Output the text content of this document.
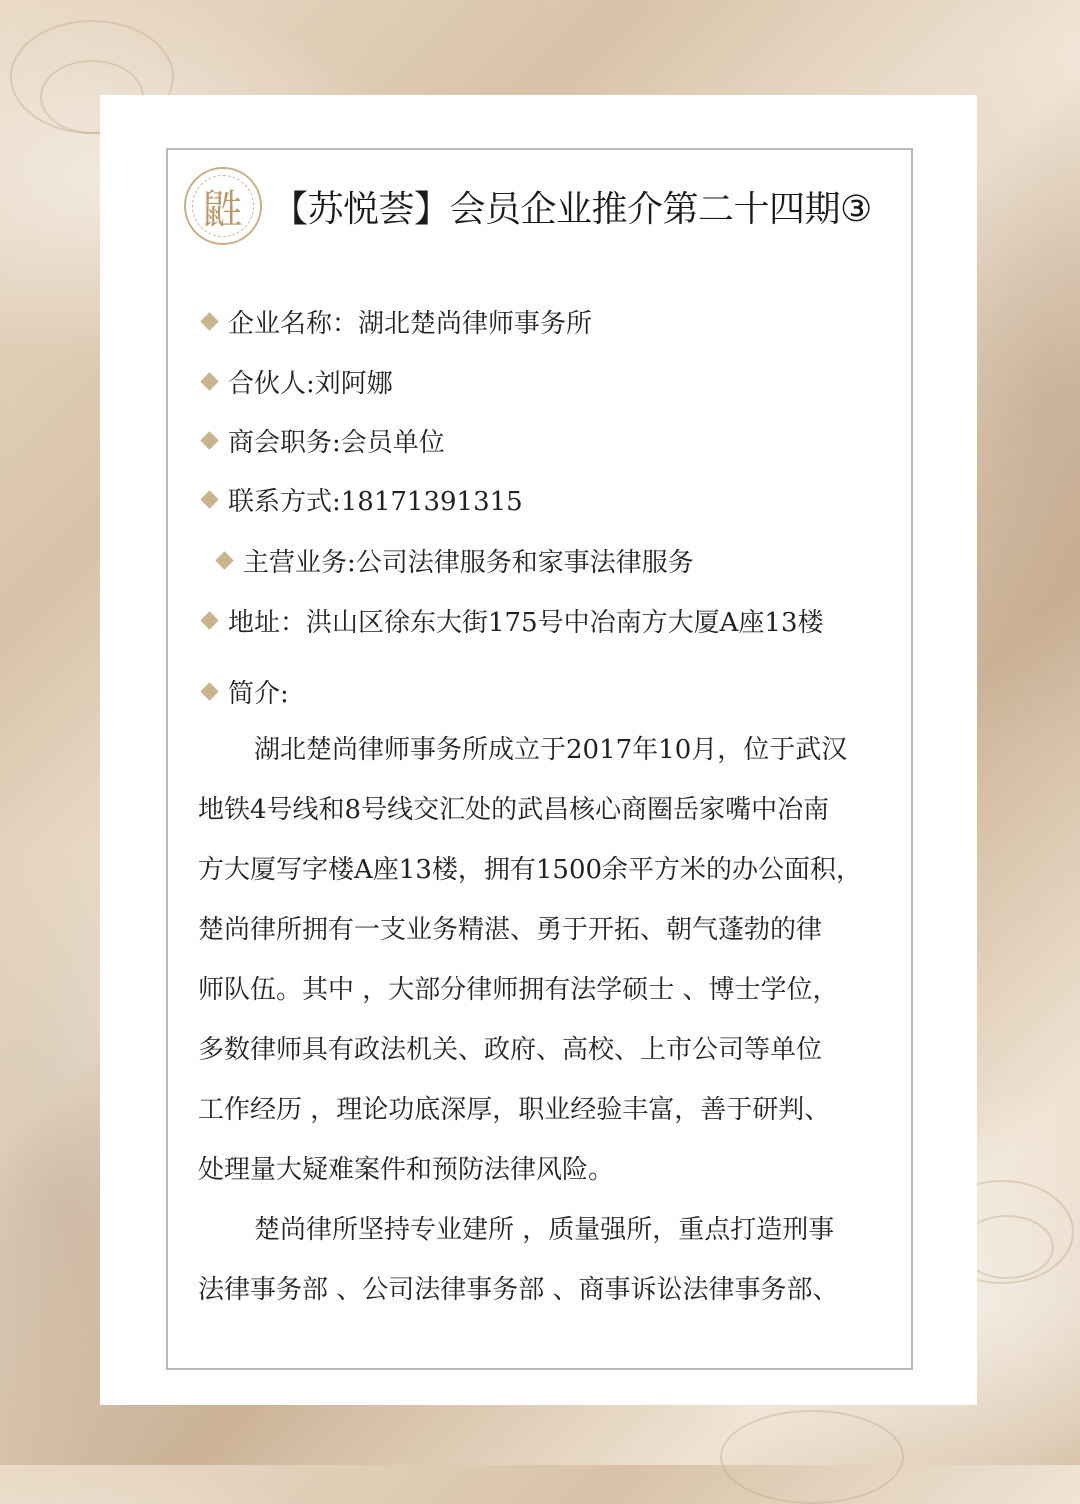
鼪 【苏悦荟】会员企业推介第二十四期③
企业名称：湖北楚尚律师事务所
合伙人:刘阿娜
商会职务:会员单位
联系方式:18171391315
主营业务:公司法律服务和家事法律服务
地址：洪山区徐东大街175号中冶南方大厦A座13楼
简介:
湖北楚尚律师事务所成立于2017年10月，位于武汉
地铁4号线和8号线交汇处的武昌核心商圈岳家嘴中冶南
方大厦写字楼A座13楼，拥有1500余平方米的办公面积，
楚尚律所拥有一支业务精湛、勇于开拓、朝气蓬勃的律
师队伍。其中 ，大部分律师拥有法学硕士 、博士学位，
多数律师具有政法机关、政府、高校、上市公司等单位
工作经历 ，理论功底深厚，职业经验丰富，善于研判、
处理量大疑难案件和预防法律风险。
楚尚律所坚持专业建所 ，质量强所，重点打造刑事
法律事务部 、公司法律事务部 、商事诉讼法律事务部、
